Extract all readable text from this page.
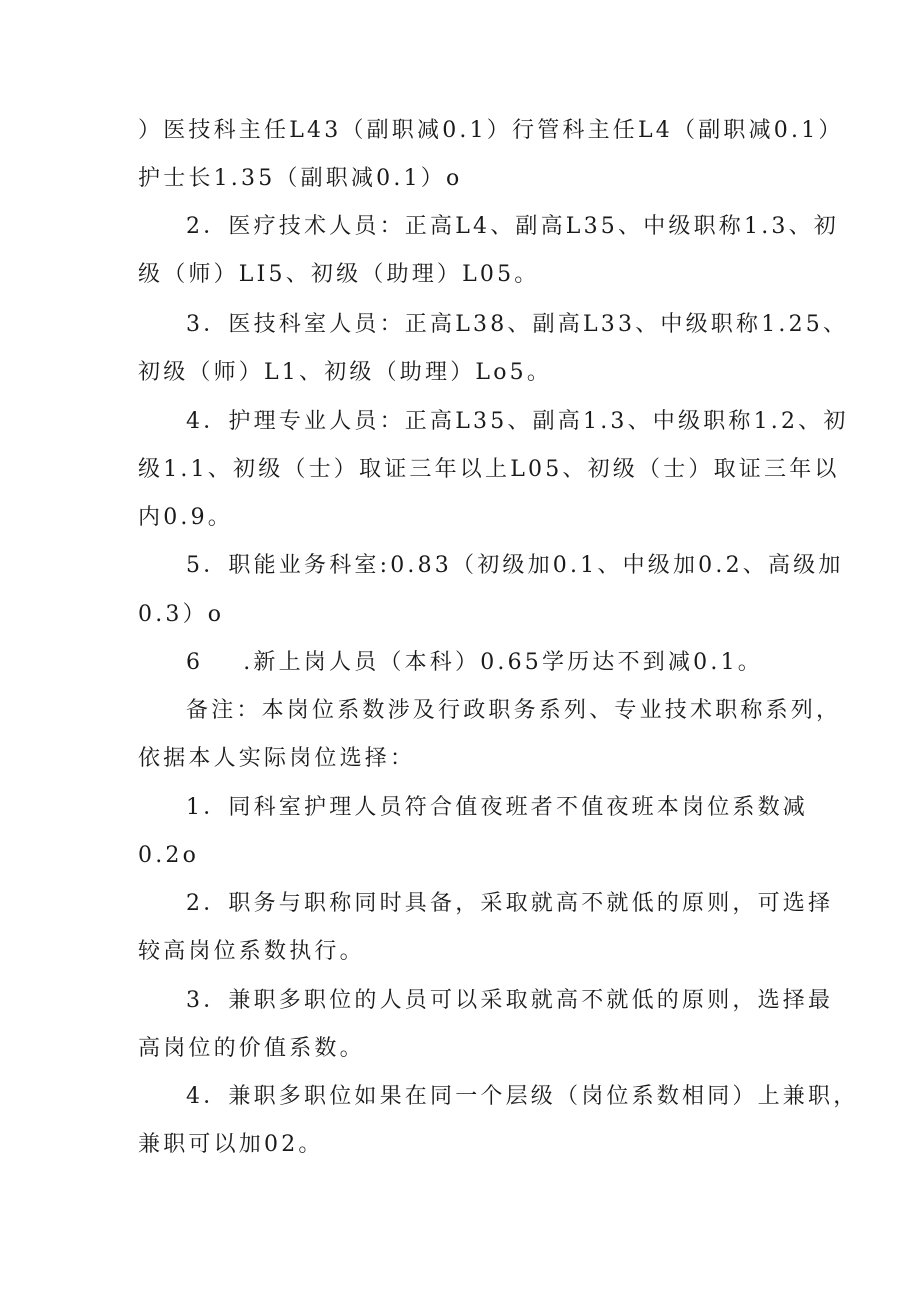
）医技科主任L43（副职减0.1）行管科主任L4（副职减0.1）
护士长1.35（副职减0.1）o
2．医疗技术人员：正高L4、副高L35、中级职称1.3、初
级（师）LI5、初级（助理）L05。
3．医技科室人员：正高L38、副高L33、中级职称1.25、
初级（师）L1、初级（助理）Lo5。
4．护理专业人员：正高L35、副高1.3、中级职称1.2、初
级1.1、初级（士）取证三年以上L05、初级（士）取证三年以
内0.9。
5．职能业务科室:0.83（初级加0.1、中级加0.2、高级加
0.3）o
6 .新上岗人员（本科）0.65学历达不到减0.1。
备注：本岗位系数涉及行政职务系列、专业技术职称系列，
依据本人实际岗位选择：
1．同科室护理人员符合值夜班者不值夜班本岗位系数减
0.2o
2．职务与职称同时具备，采取就高不就低的原则，可选择
较高岗位系数执行。
3．兼职多职位的人员可以采取就高不就低的原则，选择最
高岗位的价值系数。
4．兼职多职位如果在同一个层级（岗位系数相同）上兼职，
兼职可以加02。
